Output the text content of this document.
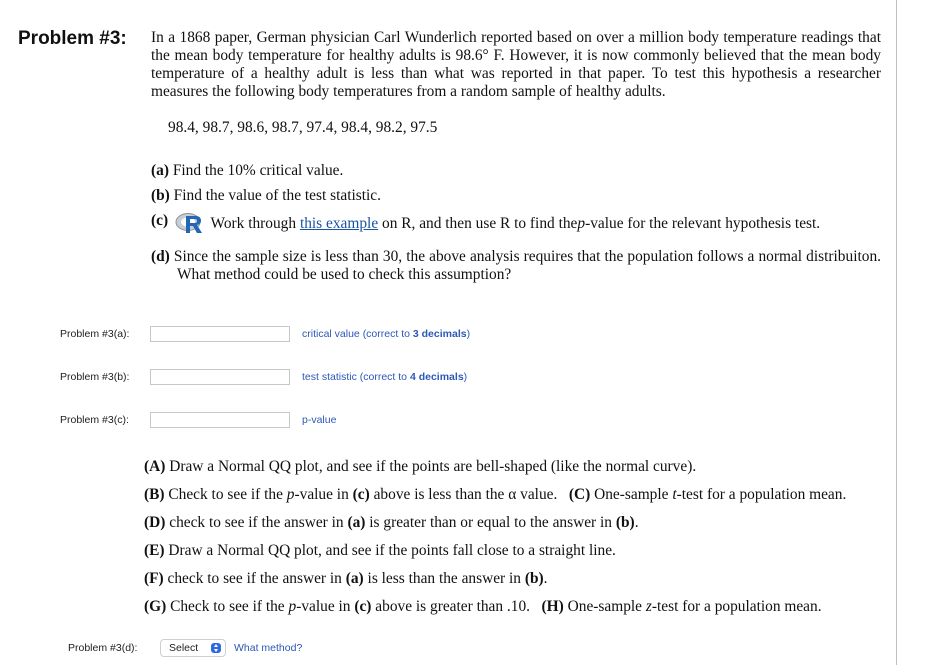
Problem #3: In a 1868 paper, German physician Carl Wunderlich reported based on over a million body temperature readings that the mean body temperature for healthy adults is 98.6° F. However, it is now commonly believed that the mean body temperature of a healthy adult is less than what was reported in that paper. To test this hypothesis a researcher measures the following body temperatures from a random sample of healthy adults.
98.4, 98.7, 98.6, 98.7, 97.4, 98.4, 98.2, 97.5
(a) Find the 10% critical value.
(b) Find the value of the test statistic.
(c)	Work through this example on R, and then use R to find thep-value for the relevant hypothesis test.
(d) Since the sample size is less than 30, the above analysis requires that the population follows a normal distribuiton. What method could be used to check this assumption?
Problem #3(a):	critical value (correct to 3 decimals)
Problem #3(b):	test statistic (correct to 4 decimals)
Problem #3(c):	p-value
(A) Draw a Normal QQ plot, and see if the points are bell-shaped (like the normal curve).
(B) Check to see if the p-value in (c) above is less than the α value. (C) One-sample t-test for a population mean.
(D) check to see if the answer in (a) is greater than or equal to the answer in (b).
(E) Draw a Normal QQ plot, and see if the points fall close to a straight line.
(F) check to see if the answer in (a) is less than the answer in (b).
(G) Check to see if the p-value in (c) above is greater than .10. (H) One-sample z-test for a population mean.
Problem #3(d):	Select	What method?
